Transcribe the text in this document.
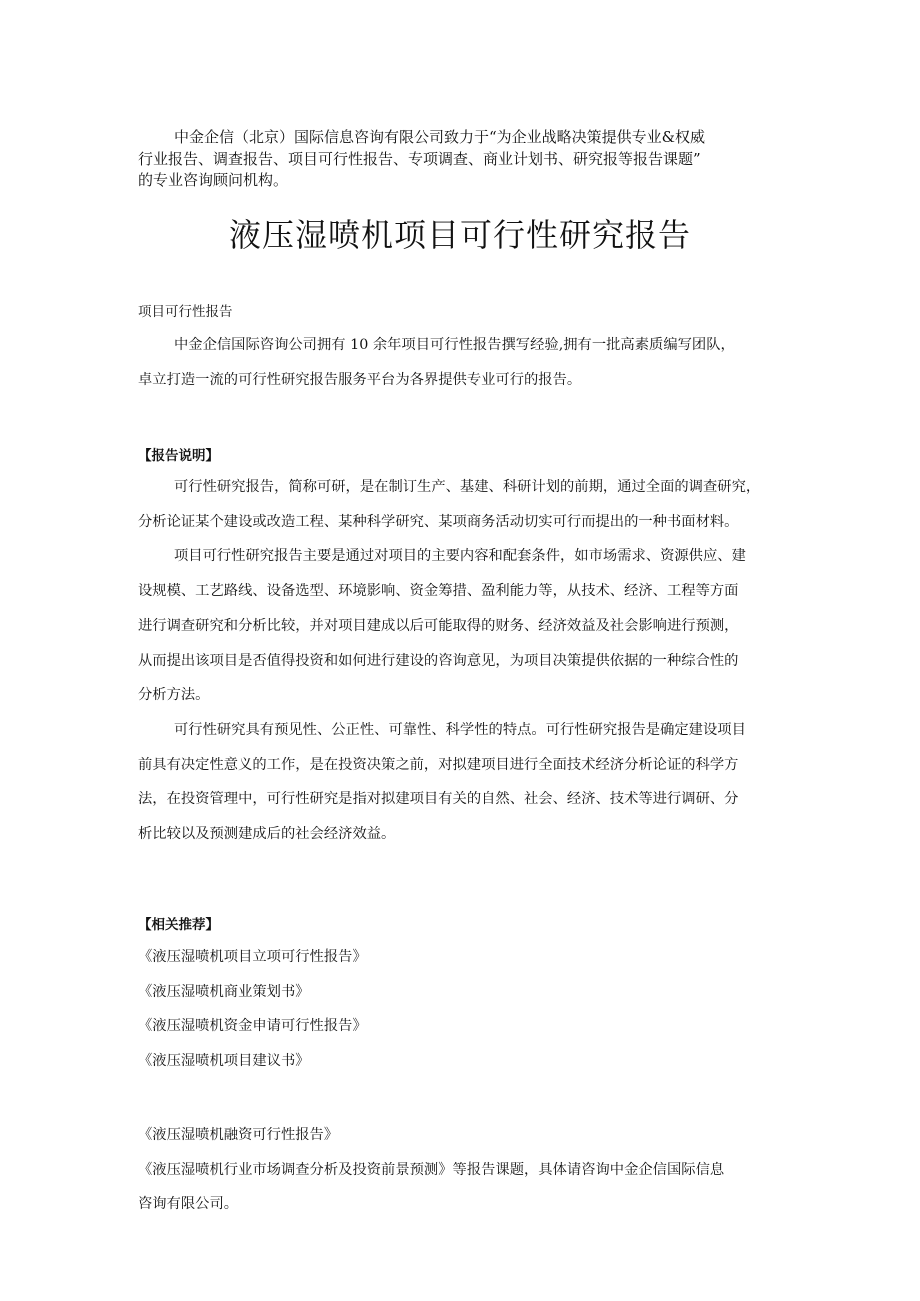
中金企信（北京）国际信息咨询有限公司致力于“为企业战略决策提供专业&权威
行业报告、调查报告、项目可行性报告、专项调查、商业计划书、研究报等报告课题”
的专业咨询顾问机构。
液压湿喷机项目可行性研究报告
项目可行性报告
中金企信国际咨询公司拥有 10 余年项目可行性报告撰写经验,拥有一批高素质编写团队，
卓立打造一流的可行性研究报告服务平台为各界提供专业可行的报告。
【报告说明】
可行性研究报告，简称可研，是在制订生产、基建、科研计划的前期，通过全面的调查研究，
分析论证某个建设或改造工程、某种科学研究、某项商务活动切实可行而提出的一种书面材料。
项目可行性研究报告主要是通过对项目的主要内容和配套条件，如市场需求、资源供应、建
设规模、工艺路线、设备选型、环境影响、资金筹措、盈利能力等，从技术、经济、工程等方面
进行调查研究和分析比较，并对项目建成以后可能取得的财务、经济效益及社会影响进行预测，
从而提出该项目是否值得投资和如何进行建设的咨询意见，为项目决策提供依据的一种综合性的
分析方法。
可行性研究具有预见性、公正性、可靠性、科学性的特点。可行性研究报告是确定建设项目
前具有决定性意义的工作，是在投资决策之前，对拟建项目进行全面技术经济分析论证的科学方
法，在投资管理中，可行性研究是指对拟建项目有关的自然、社会、经济、技术等进行调研、分
析比较以及预测建成后的社会经济效益。
【相关推荐】
《液压湿喷机项目立项可行性报告》
《液压湿喷机商业策划书》
《液压湿喷机资金申请可行性报告》
《液压湿喷机项目建议书》
《液压湿喷机融资可行性报告》
《液压湿喷机行业市场调查分析及投资前景预测》等报告课题，具体请咨询中金企信国际信息
咨询有限公司。
